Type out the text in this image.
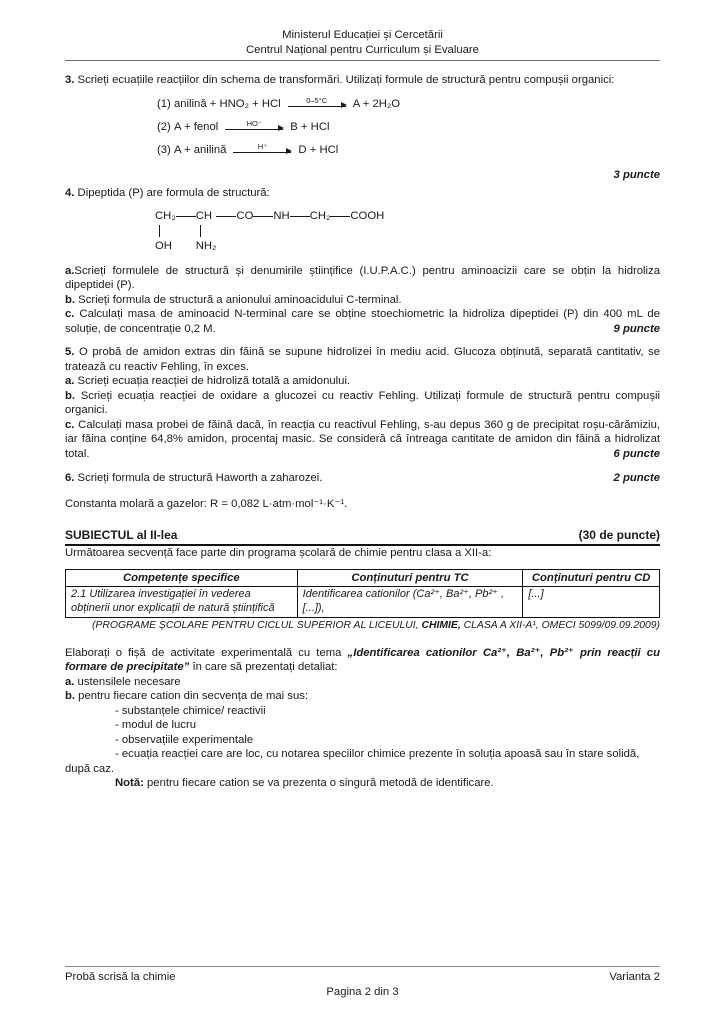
Ministerul Educației și Cercetării
Centrul Național pentru Curriculum și Evaluare

3. Scrieți ecuațiile reacțiilor din schema de transformări. Utilizați formule de structură pentru compușii organici:

(1)
anilină + HNO₂ + HCl	0–5°C A + 2H₂O
(2)
A + fenol	HO⁻	B + HCl
(3)
A + anilină	H⁺	D + HCl

3 puncte

4. Dipeptida (P) are formula de structură:

CH₂
OH
CH
NH₂
CO NH CH₂ COOH

a.Scrieți formulele de structură și denumirile științifice (I.U.P.A.C.) pentru aminoacizii care se obțin la hidroliza dipeptidei (P).

b. Scrieți formula de structură a anionului aminoacidului C-terminal.

c. Calculați masa de aminoacid N-terminal care se obține stoechiometric la hidroliza dipeptidei (P) din 400 mL de soluție, de concentrație 0,2 M.	9 puncte

5. O probă de amidon extras din făină se supune hidrolizei în mediu acid. Glucoza obținută, separată cantitativ, se tratează cu reactiv Fehling, în exces.

a. Scrieți ecuația reacției de hidroliză totală a amidonului.

b. Scrieți ecuația reacției de oxidare a glucozei cu reactiv Fehling. Utilizați formule de structură pentru compușii organici.

c. Calculați masa probei de făină dacă, în reacția cu reactivul Fehling, s-au depus 360 g de precipitat roșu-cărămiziu, iar făina conține 64,8% amidon, procentaj masic. Se consideră că întreaga cantitate de amidon din făină a hidrolizat total.	6 puncte

6. Scrieți formula de structură Haworth a zaharozei.	2 puncte

Constanta molară a gazelor: R = 0,082 L·atm·mol⁻¹·K⁻¹.

SUBIECTUL al II-lea	(30 de puncte)

Următoarea secvență face parte din programa școlară de chimie pentru clasa a XII-a:

Competențe specifice	Conținuturi pentru TC	Conținuturi pentru CD
2.1 Utilizarea investigației în vederea obținerii unor explicații de natură științifică	Identificarea cationilor (Ca²⁺, Ba²⁺, Pb²⁺ , [...]),	[...]

(PROGRAME ȘCOLARE PENTRU CICLUL SUPERIOR AL LICEULUI, CHIMIE, CLASA A XII-A¹, OMECI 5099/09.09.2009)

Elaborați o fișă de activitate experimentală cu tema „Identificarea cationilor Ca²⁺, Ba²⁺, Pb²⁺ prin reacții cu formare de precipitate” în care să prezentați detaliat:

a. ustensilele necesare

b. pentru fiecare cation din secvența de mai sus:

- substanțele chimice/ reactivii

- modul de lucru

- observațiile experimentale

- ecuația reacției care are loc, cu notarea speciilor chimice prezente în soluția apoasă sau în stare solidă, după caz.

Notă: pentru fiecare cation se va prezenta o singură metodă de identificare.

Probă scrisă la chimie	Varianta 2
Pagina 2 din 3
